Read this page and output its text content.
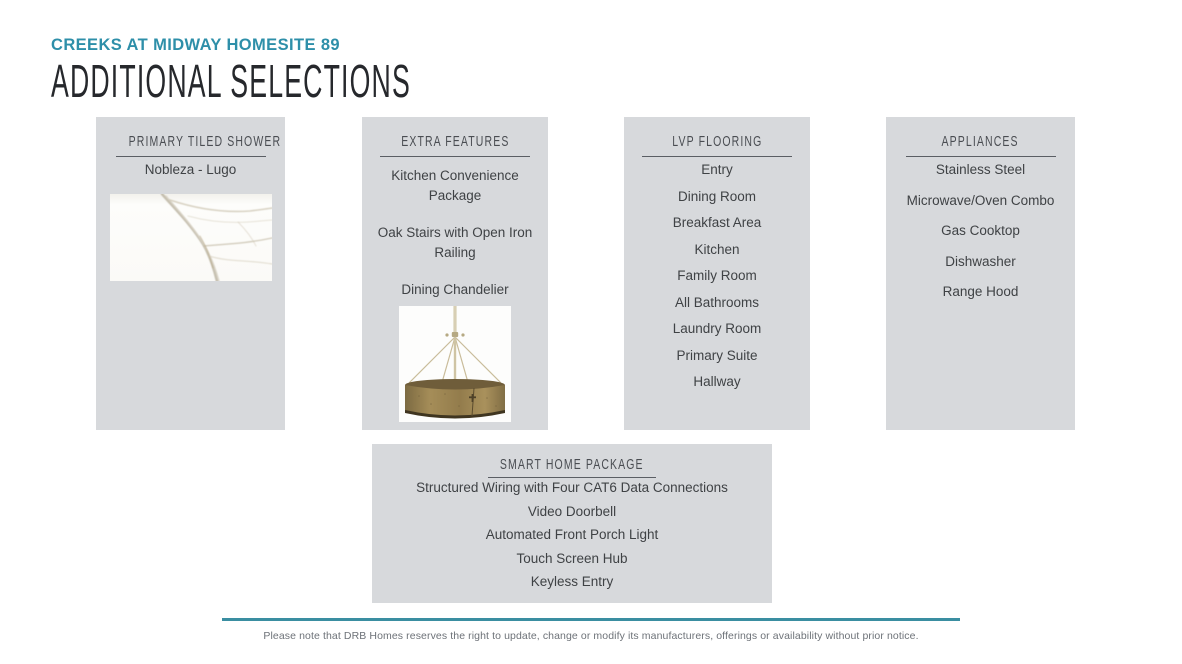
CREEKS AT MIDWAY HOMESITE 89
ADDITIONAL SELECTIONS
PRIMARY TILED SHOWER
Nobleza - Lugo
EXTRA FEATURES
Kitchen Convenience Package
Oak Stairs with Open Iron Railing
Dining Chandelier
LVP FLOORING
Entry
Dining Room
Breakfast Area
Kitchen
Family Room
All Bathrooms
Laundry Room
Primary Suite
Hallway
APPLIANCES
Stainless Steel
Microwave/Oven Combo
Gas Cooktop
Dishwasher
Range Hood
SMART HOME PACKAGE
Structured Wiring with Four CAT6 Data Connections
Video Doorbell
Automated Front Porch Light
Touch Screen Hub
Keyless Entry
Please note that DRB Homes reserves the right to update, change or modify its manufacturers, offerings or availability without prior notice.
